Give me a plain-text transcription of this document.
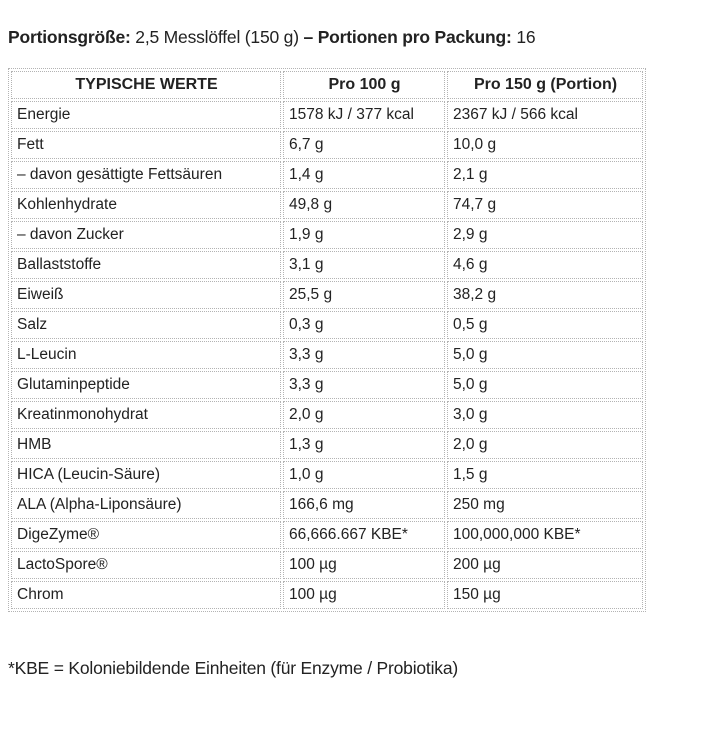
Portionsgröße: 2,5 Messlöffel (150 g) – Portionen pro Packung: 16
TYPISCHE WERTE	Pro 100 g	Pro 150 g (Portion)
Energie	1578 kJ / 377 kcal	2367 kJ / 566 kcal
Fett	6,7 g	10,0 g
– davon gesättigte Fettsäuren	1,4 g	2,1 g
Kohlenhydrate	49,8 g	74,7 g
– davon Zucker	1,9 g	2,9 g
Ballaststoffe	3,1 g	4,6 g
Eiweiß	25,5 g	38,2 g
Salz	0,3 g	0,5 g
L-Leucin	3,3 g	5,0 g
Glutaminpeptide	3,3 g	5,0 g
Kreatinmonohydrat	2,0 g	3,0 g
HMB	1,3 g	2,0 g
HICA (Leucin-Säure)	1,0 g	1,5 g
ALA (Alpha-Liponsäure)	166,6 mg	250 mg
DigeZyme®	66,666.667 KBE*	100,000,000 KBE*
LactoSpore®	100 µg	200 µg
Chrom	100 µg	150 µg
*KBE = Koloniebildende Einheiten (für Enzyme / Probiotika)
